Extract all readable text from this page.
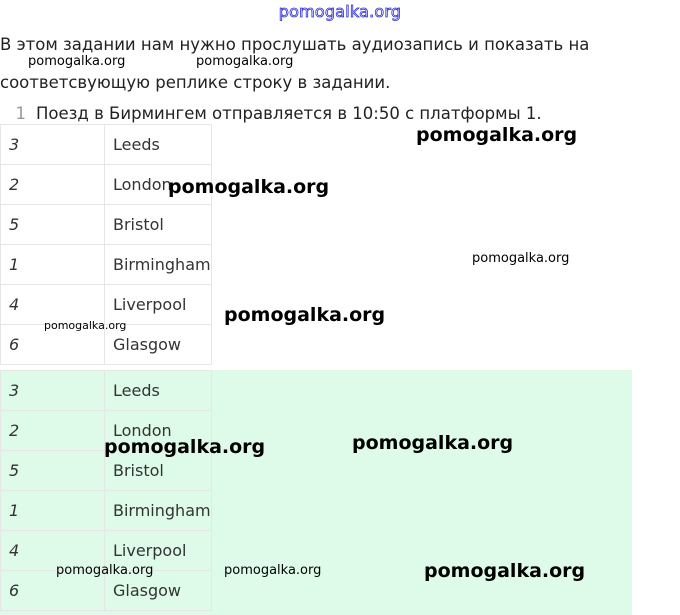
pomogalka.org
В этом задании нам нужно прослушать аудиозапись и показать на
соответсвующую реплике строку в задании.
1 Поезд в Бирмингем отправляется в 10:50 с платформы 1.
3	Leeds
2	London
5	Bristol
1	Birmingham
4	Liverpool
6	Glasgow
3	Leeds
2	London
5	Bristol
1	Birmingham
4	Liverpool
6	Glasgow
pomogalka.org	pomogalka.org
pomogalka.org
pomogalka.org
pomogalka.org
pomogalka.org
pomogalka.org
pomogalka.org	pomogalka.org
pomogalka.org	pomogalka.org	pomogalka.org
